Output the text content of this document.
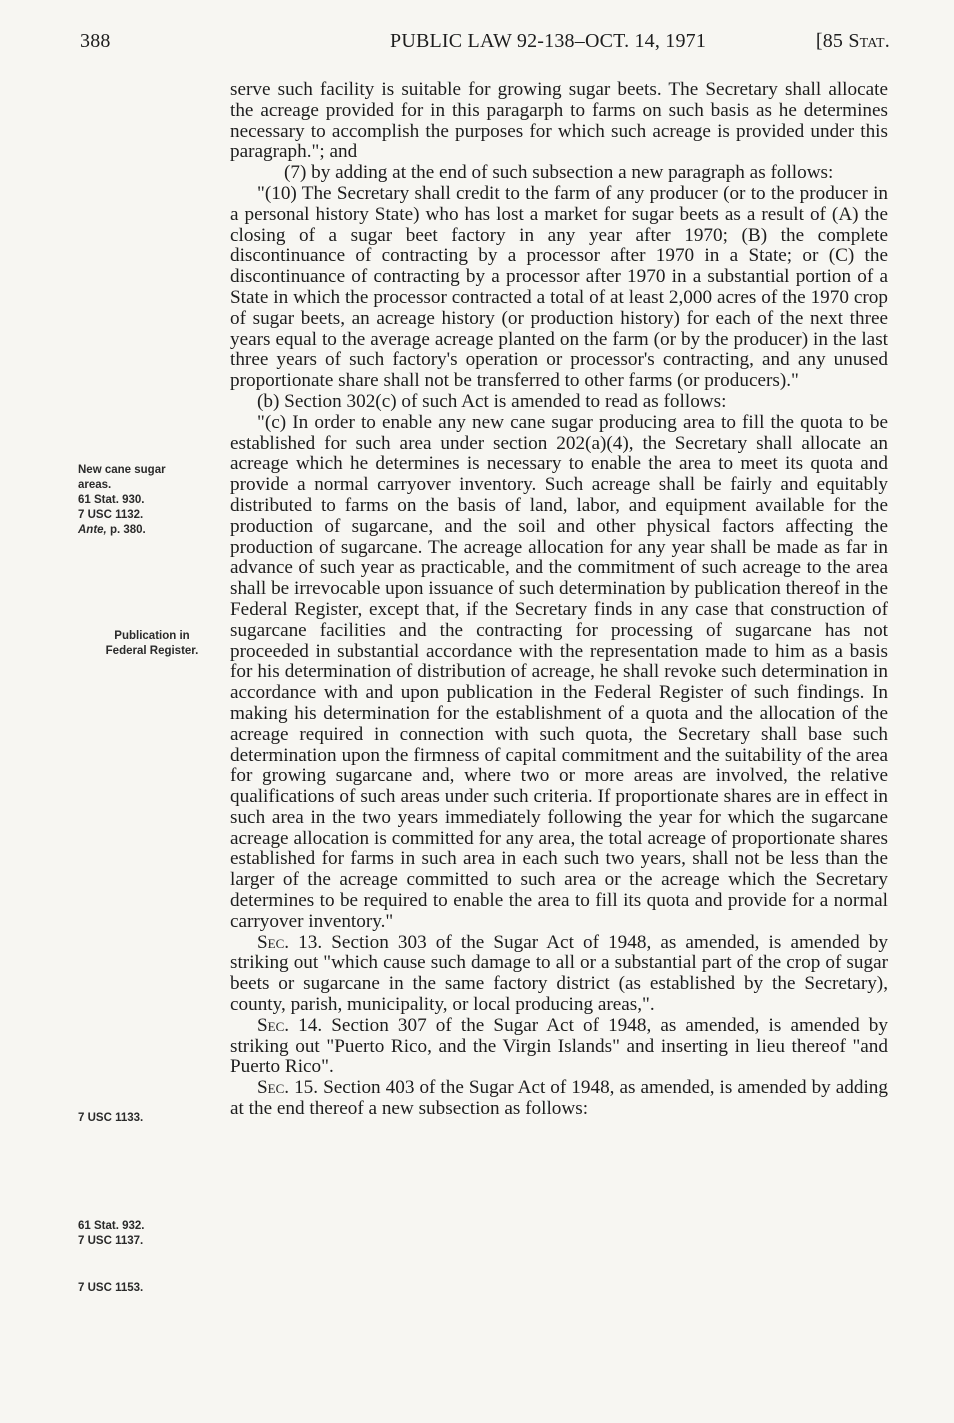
388	PUBLIC LAW 92-138–OCT. 14, 1971	[85 Stat.
New cane sugar
areas.
61 Stat. 930.
7 USC 1132.
Ante, p. 380.
Publication in
Federal Register.
7 USC 1133.
61 Stat. 932.
7 USC 1137.
7 USC 1153.

serve such facility is suitable for growing sugar beets. The Secretary shall allocate the acreage provided for in this paragarph to farms on such basis as he determines necessary to accomplish the purposes for which such acreage is provided under this paragraph."; and

(7) by adding at the end of such subsection a new paragraph as follows:

"(10) The Secretary shall credit to the farm of any producer (or to the producer in a personal history State) who has lost a market for sugar beets as a result of (A) the closing of a sugar beet factory in any year after 1970; (B) the complete discontinuance of contracting by a processor after 1970 in a State; or (C) the discontinuance of contracting by a processor after 1970 in a substantial portion of a State in which the processor contracted a total of at least 2,000 acres of the 1970 crop of sugar beets, an acreage history (or production history) for each of the next three years equal to the average acreage planted on the farm (or by the producer) in the last three years of such factory's operation or processor's contracting, and any unused proportionate share shall not be transferred to other farms (or producers)."

(b) Section 302(c) of such Act is amended to read as follows:

"(c) In order to enable any new cane sugar producing area to fill the quota to be established for such area under section 202(a)(4), the Secretary shall allocate an acreage which he determines is necessary to enable the area to meet its quota and provide a normal carryover inventory. Such acreage shall be fairly and equitably distributed to farms on the basis of land, labor, and equipment available for the production of sugarcane, and the soil and other physical factors affecting the production of sugarcane. The acreage allocation for any year shall be made as far in advance of such year as practicable, and the commitment of such acreage to the area shall be irrevocable upon issuance of such determination by publication thereof in the Federal Register, except that, if the Secretary finds in any case that construction of sugarcane facilities and the contracting for processing of sugarcane has not proceeded in substantial accordance with the representation made to him as a basis for his determination of distribution of acreage, he shall revoke such determination in accordance with and upon publication in the Federal Register of such findings. In making his determination for the establishment of a quota and the allocation of the acreage required in connection with such quota, the Secretary shall base such determination upon the firmness of capital commitment and the suitability of the area for growing sugarcane and, where two or more areas are involved, the relative qualifications of such areas under such criteria. If proportionate shares are in effect in such area in the two years immediately following the year for which the sugarcane acreage allocation is committed for any area, the total acreage of proportionate shares established for farms in such area in each such two years, shall not be less than the larger of the acreage committed to such area or the acreage which the Secretary determines to be required to enable the area to fill its quota and provide for a normal carryover inventory."

Sec. 13. Section 303 of the Sugar Act of 1948, as amended, is amended by striking out "which cause such damage to all or a substantial part of the crop of sugar beets or sugarcane in the same factory district (as established by the Secretary), county, parish, municipality, or local producing areas,".

Sec. 14. Section 307 of the Sugar Act of 1948, as amended, is amended by striking out "Puerto Rico, and the Virgin Islands" and inserting in lieu thereof "and Puerto Rico".

Sec. 15. Section 403 of the Sugar Act of 1948, as amended, is amended by adding at the end thereof a new subsection as follows:
